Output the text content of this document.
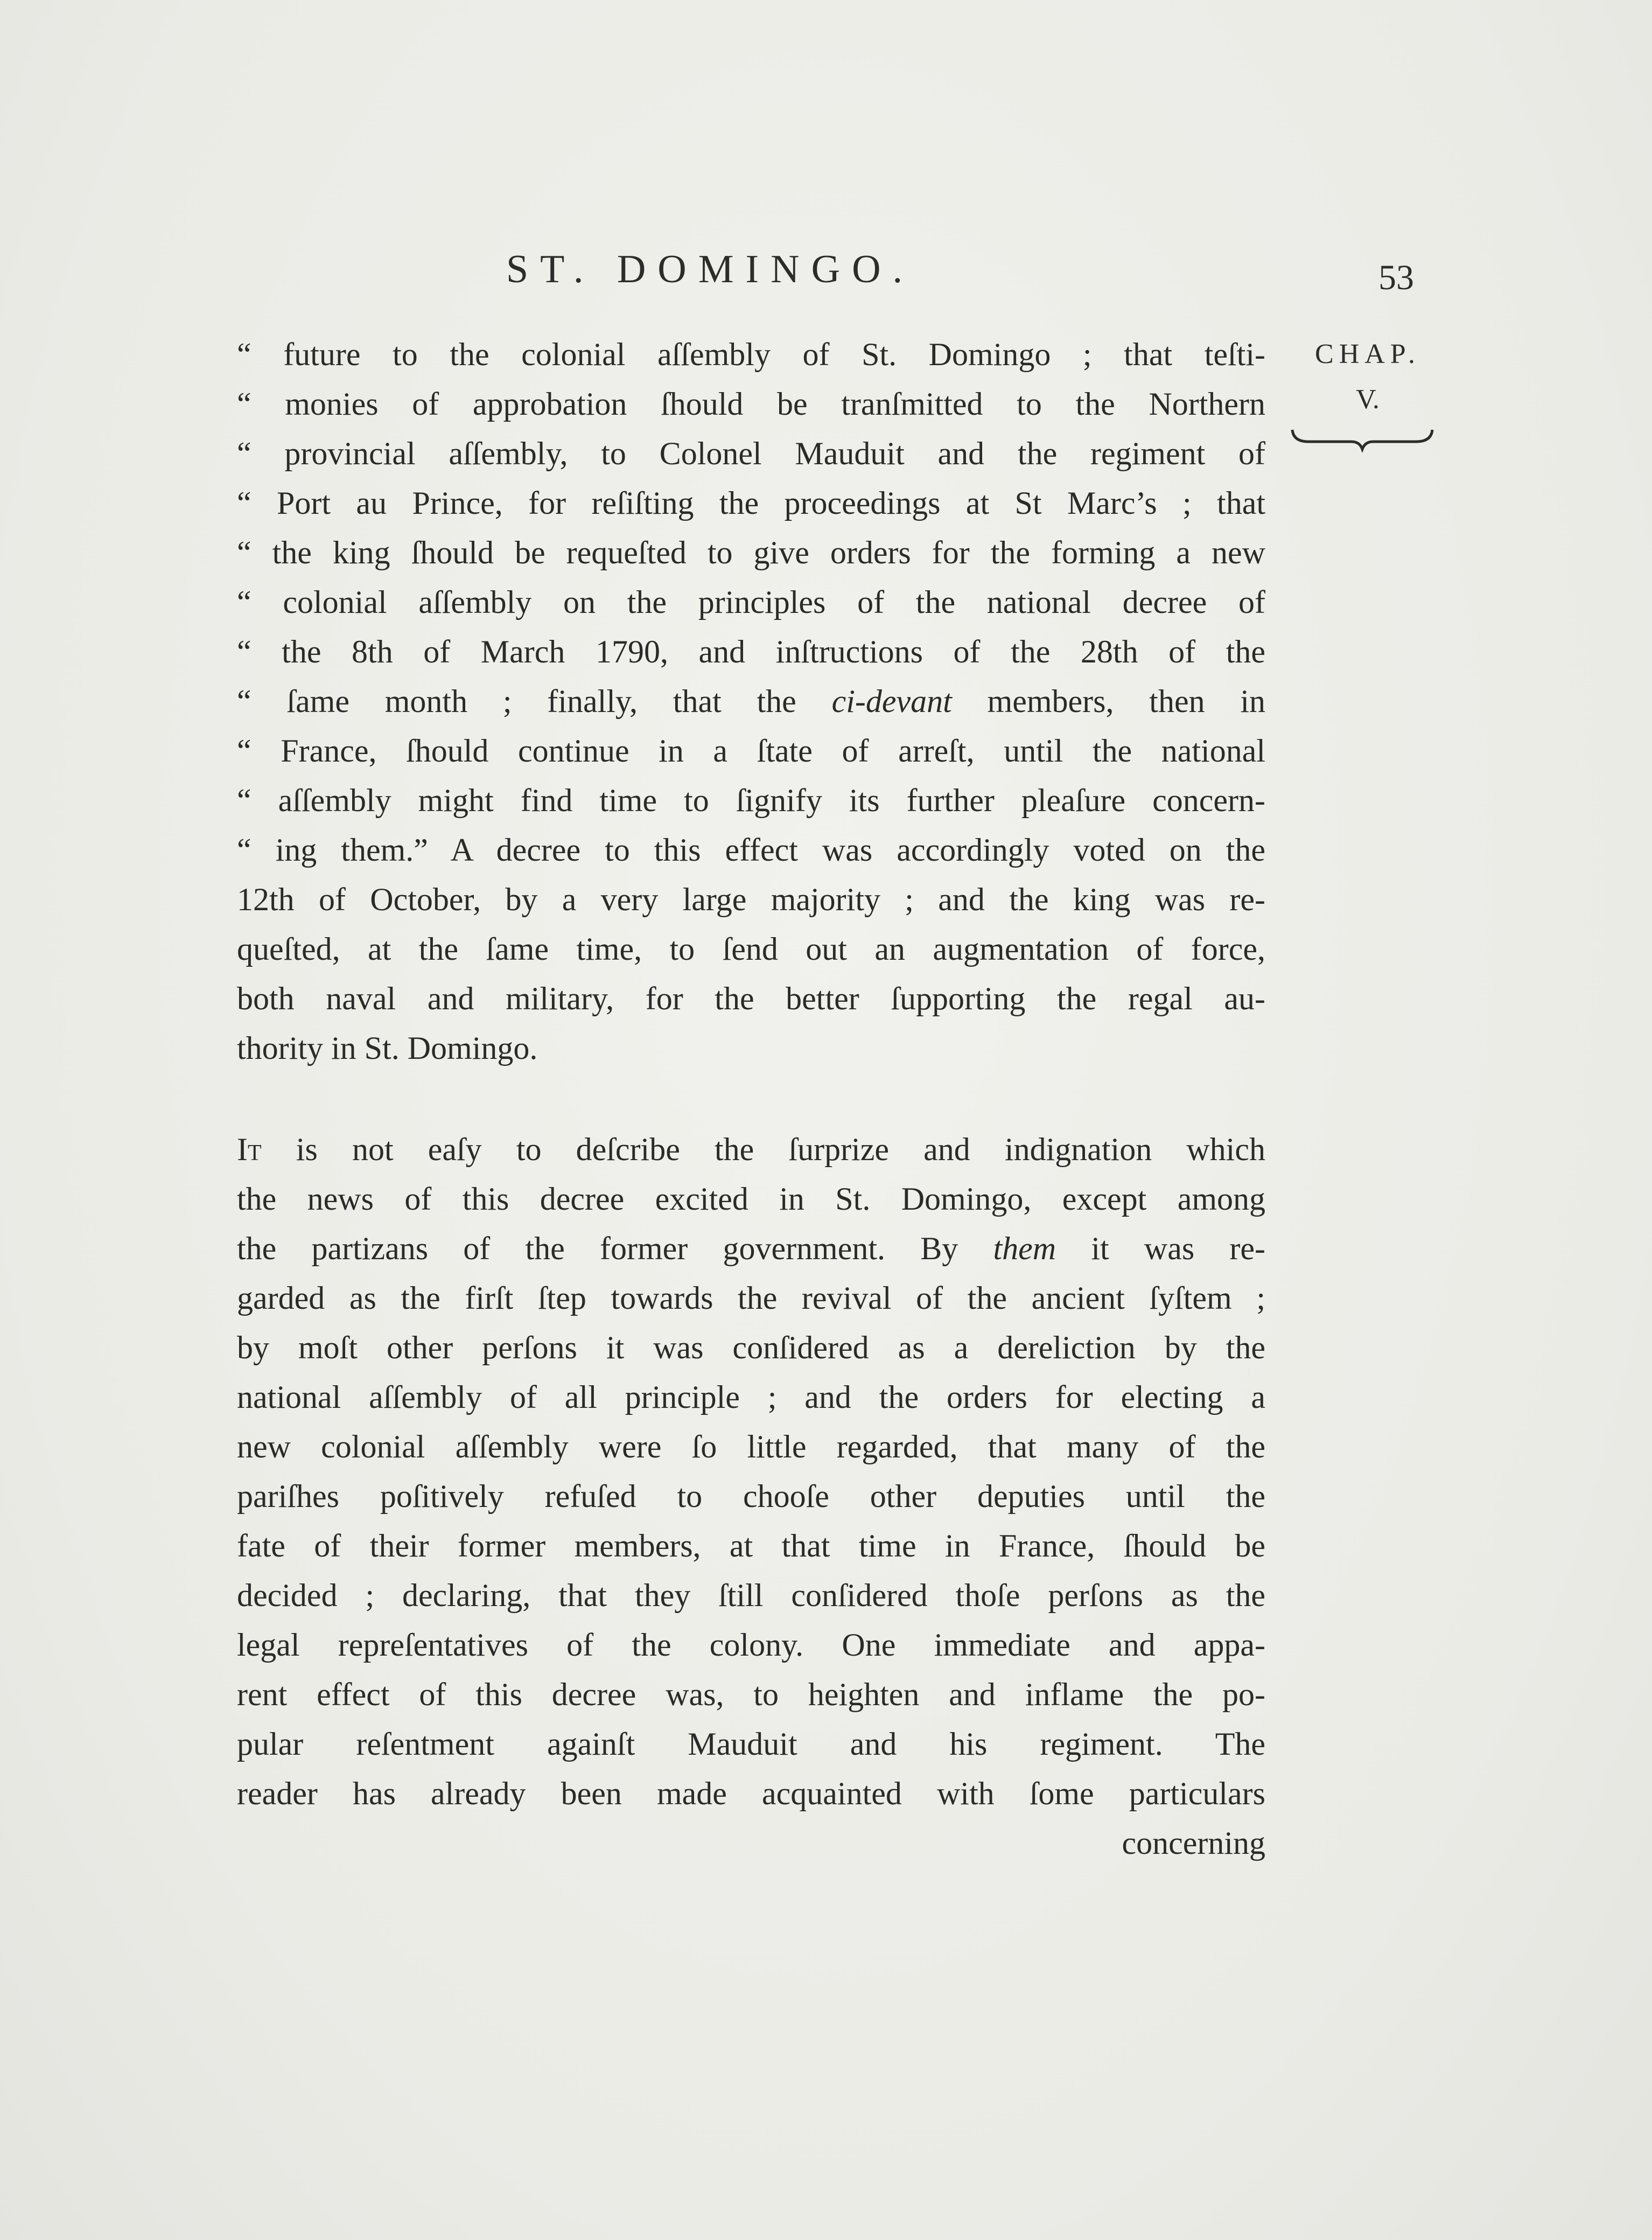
ST. DOMINGO.	53
CHAP.
V.
“ future to the colonial aſſembly of St. Domingo ; that teſti-
“ monies of approbation ſhould be tranſmitted to the Northern
“ provincial aſſembly, to Colonel Mauduit and the regiment of
“ Port au Prince, for reſiſting the proceedings at St Marc’s ; that
“ the king ſhould be requeſted to give orders for the forming a new
“ colonial aſſembly on the principles of the national decree of
“ the 8th of March 1790, and inſtructions of the 28th of the
“ ſame month ; finally, that the ci-devant members, then in
“ France, ſhould continue in a ſtate of arreſt, until the national
“ aſſembly might find time to ſignify its further pleaſure concern-
“ ing them.” A decree to this effect was accordingly voted on the
12th of October, by a very large majority ; and the king was re-
queſted, at the ſame time, to ſend out an augmentation of force,
both naval and military, for the better ſupporting the regal au-
thority in St. Domingo.
It is not eaſy to deſcribe the ſurprize and indignation which
the news of this decree excited in St. Domingo, except among
the partizans of the former government. By them it was re-
garded as the firſt ſtep towards the revival of the ancient ſyſtem ;
by moſt other perſons it was conſidered as a dereliction by the
national aſſembly of all principle ; and the orders for electing a
new colonial aſſembly were ſo little regarded, that many of the
pariſhes poſitively refuſed to chooſe other deputies until the
fate of their former members, at that time in France, ſhould be
decided ; declaring, that they ſtill conſidered thoſe perſons as the
legal repreſentatives of the colony. One immediate and appa-
rent effect of this decree was, to heighten and inflame the po-
pular reſentment againſt Mauduit and his regiment. The
reader has already been made acquainted with ſome particulars
concerning
